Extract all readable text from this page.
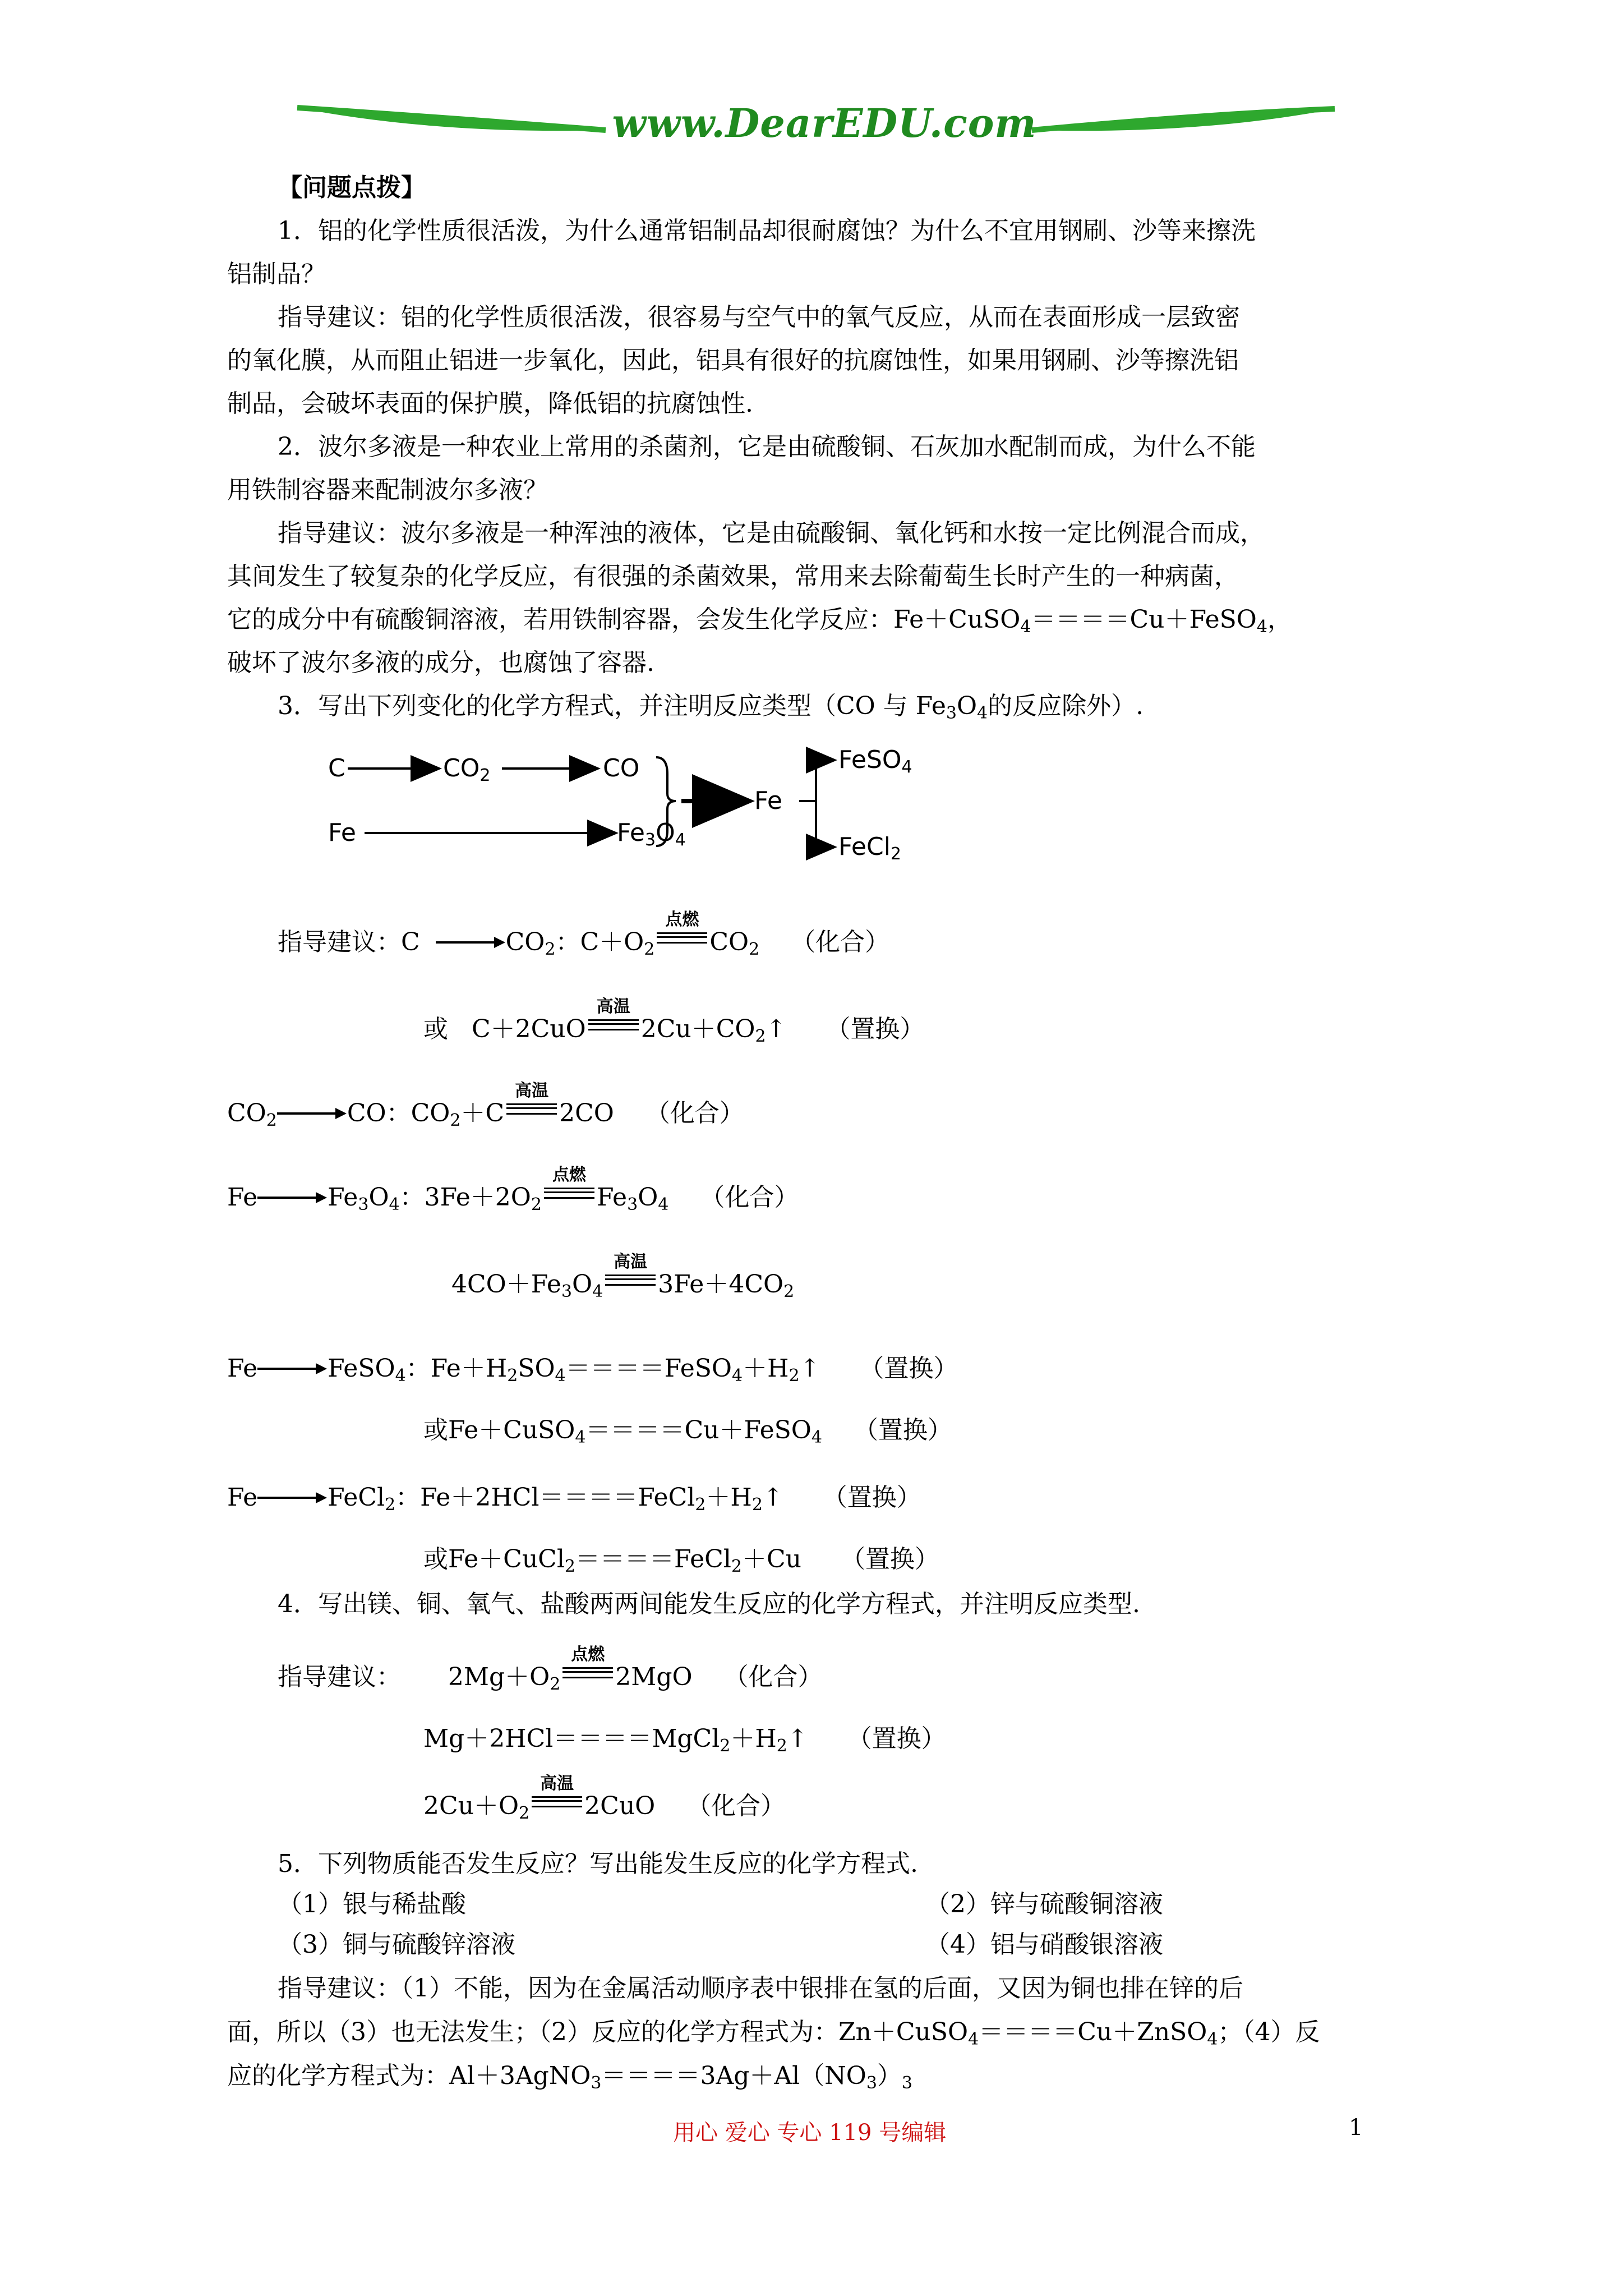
www.DearEDU.com
【问题点拨】
1．铝的化学性质很活泼，为什么通常铝制品却很耐腐蚀？为什么不宜用钢刷、沙等来擦洗
铝制品？
指导建议：铝的化学性质很活泼，很容易与空气中的氧气反应，从而在表面形成一层致密
的氧化膜，从而阻止铝进一步氧化，因此，铝具有很好的抗腐蚀性，如果用钢刷、沙等擦洗铝
制品，会破坏表面的保护膜，降低铝的抗腐蚀性.
2．波尔多液是一种农业上常用的杀菌剂，它是由硫酸铜、石灰加水配制而成，为什么不能
用铁制容器来配制波尔多液？
指导建议：波尔多液是一种浑浊的液体，它是由硫酸铜、氧化钙和水按一定比例混合而成，
其间发生了较复杂的化学反应，有很强的杀菌效果，常用来去除葡萄生长时产生的一种病菌，
它的成分中有硫酸铜溶液，若用铁制容器，会发生化学反应：Fe＋CuSO$_4$＝＝＝＝Cu＋FeSO$_4$，
破坏了波尔多液的成分，也腐蚀了容器.
3．写出下列变化的化学方程式，并注明反应类型（CO 与 $Fe_3O_4$的反应除外）.
C	$CO_2$	CO
Fe	$Fe_3O_4$
Fe
FeSO$_4$
FeCl$_2$
指导建议：C	$CO_2$：$C+O_2$
点燃
$CO_2$ （化合）
或   C＋2CuO
高温
$2Cu+CO_2↑$     （置换）
$CO_2$	CO：$CO_2+C$
高温
2CO    （化合）
Fe	$Fe_3O_4$：$3Fe+2O_2$
点燃
$Fe_3O_4$ （化合）
$4CO+Fe_3O_4$
高温
$3Fe+4CO_2$
Fe	FeSO$_4$：$Fe+H_2SO_4====FeSO_4+H_2↑$     （置换）
或Fe＋CuSO$_4$＝＝＝＝Cu＋FeSO$_4$ （置换）
Fe	FeCl$_2$：$Fe+2HCl====FeCl_2+H_2↑$     （置换）
或Fe＋CuCl$_2$＝＝＝＝FeCl$_2$＋Cu     （置换）
4．写出镁、铜、氧气、盐酸两两间能发生反应的化学方程式，并注明反应类型.
指导建议：      $2Mg+O_2$
点燃
2MgO    （化合）
$Mg+2HCl====MgCl_2+H_2↑$     （置换）
$2Cu+O_2$
高温
2CuO    （化合）
5．下列物质能否发生反应？写出能发生反应的化学方程式.
（1）银与稀盐酸	（2）锌与硫酸铜溶液
（3）铜与硫酸锌溶液	（4）铝与硝酸银溶液
指导建议：（1）不能，因为在金属活动顺序表中银排在氢的后面，又因为铜也排在锌的后
面，所以（3）也无法发生；（2）反应的化学方程式为：Zn＋CuSO$_4$＝＝＝＝Cu＋ZnSO$_4$；（4）反
应的化学方程式为：$Al+3AgNO_3====3Ag+Al(NO_3)_3$
用心 爱心 专心 119 号编辑	1
